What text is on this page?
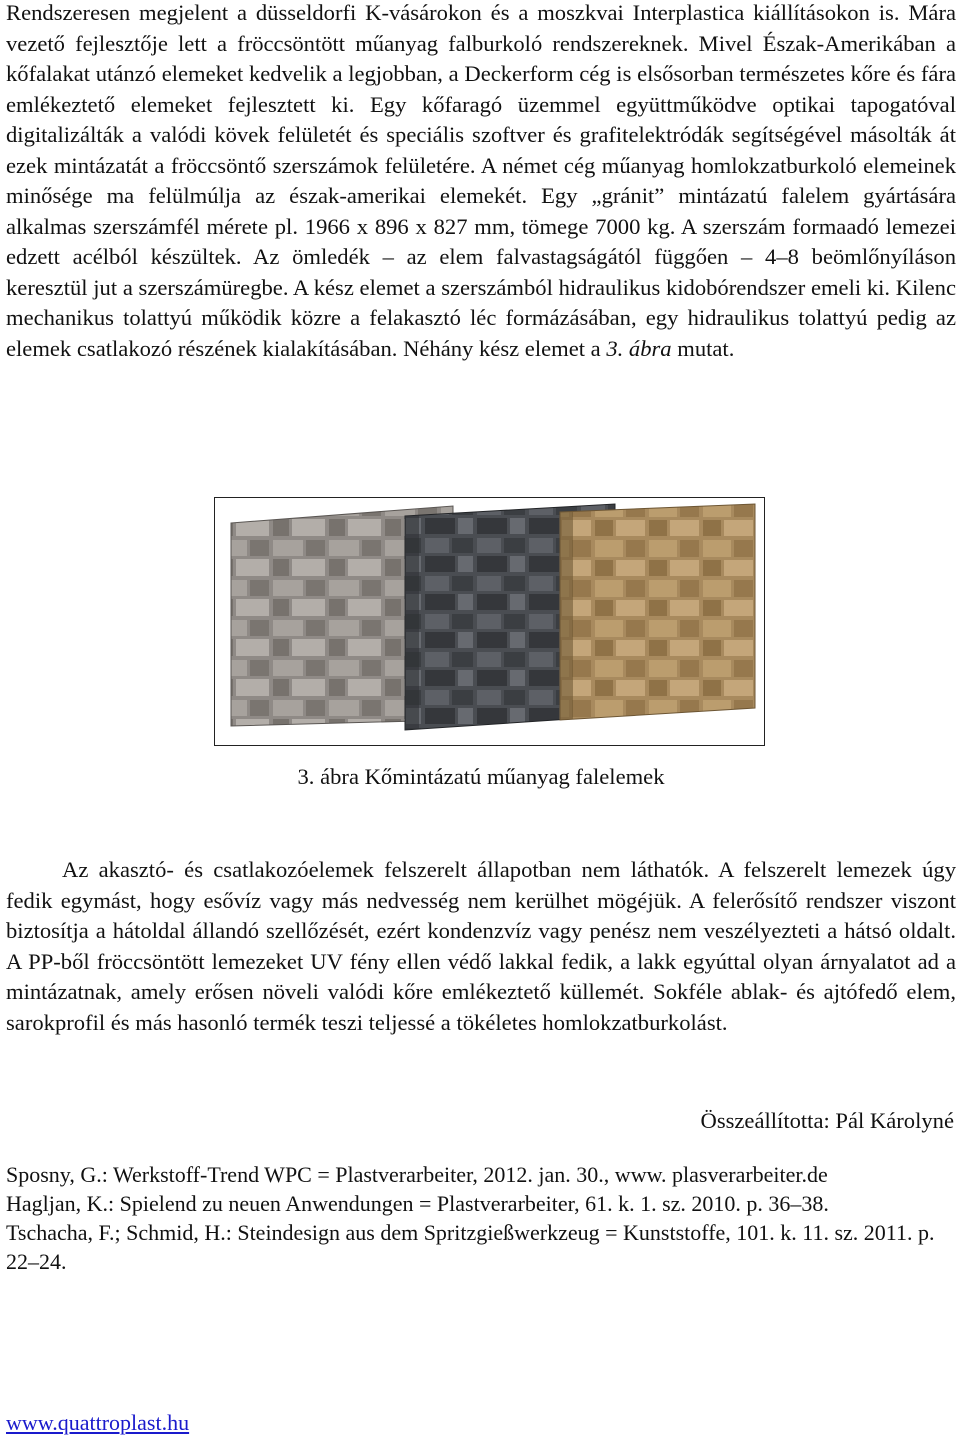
Rendszeresen megjelent a düsseldorfi K-vásárokon és a moszkvai Interplastica kiállításokon is. Mára vezető fejlesztője lett a fröccsöntött műanyag falburkoló rendszereknek. Mivel Észak-Amerikában a kőfalakat utánzó elemeket kedvelik a legjobban, a Deckerform cég is elsősorban természetes kőre és fára emlékeztető elemeket fejlesztett ki. Egy kőfaragó üzemmel együttműködve optikai tapogatóval digitalizálták a valódi kövek felületét és speciális szoftver és grafitelektródák segítségével másolták át ezek mintázatát a fröccsöntő szerszámok felületére. A német cég műanyag homlokzatburkoló elemeinek minősége ma felülmúlja az észak-amerikai elemekét. Egy „gránit” mintázatú falelem gyártására alkalmas szerszámfél mérete pl. 1966 x 896 x 827 mm, tömege 7000 kg. A szerszám formaadó lemezei edzett acélból készültek. Az ömledék – az elem falvastagságától függően – 4–8 beömlőnyíláson keresztül jut a szerszámüregbe. A kész elemet a szerszámból hidraulikus kidobórendszer emeli ki. Kilenc mechanikus tolattyú működik közre a felakasztó léc formázásában, egy hidraulikus tolattyú pedig az elemek csatlakozó részének kialakításában. Néhány kész elemet a 3. ábra mutat.

3. ábra Kőmintázatú műanyag falelemek

Az akasztó- és csatlakozóelemek felszerelt állapotban nem láthatók. A felszerelt lemezek úgy fedik egymást, hogy esővíz vagy más nedvesség nem kerülhet mögéjük. A felerősítő rendszer viszont biztosítja a hátoldal állandó szellőzését, ezért kondenzvíz vagy penész nem veszélyezteti a hátsó oldalt. A PP-ből fröccsöntött lemezeket UV fény ellen védő lakkal fedik, a lakk egyúttal olyan árnyalatot ad a mintázatnak, amely erősen növeli valódi kőre emlékeztető küllemét. Sokféle ablak- és ajtófedő elem, sarokprofil és más hasonló termék teszi teljessé a tökéletes homlokzatburkolást.

Összeállította: Pál Károlyné

Sposny, G.: Werkstoff-Trend WPC = Plastverarbeiter, 2012. jan. 30., www. plasverarbeiter.de
Hagljan, K.: Spielend zu neuen Anwendungen = Plastverarbeiter, 61. k. 1. sz. 2010. p. 36–38.
Tschacha, F.; Schmid, H.: Steindesign aus dem Spritzgießwerkzeug = Kunststoffe, 101. k. 11. sz. 2011. p. 22–24.
www.quattroplast.hu
